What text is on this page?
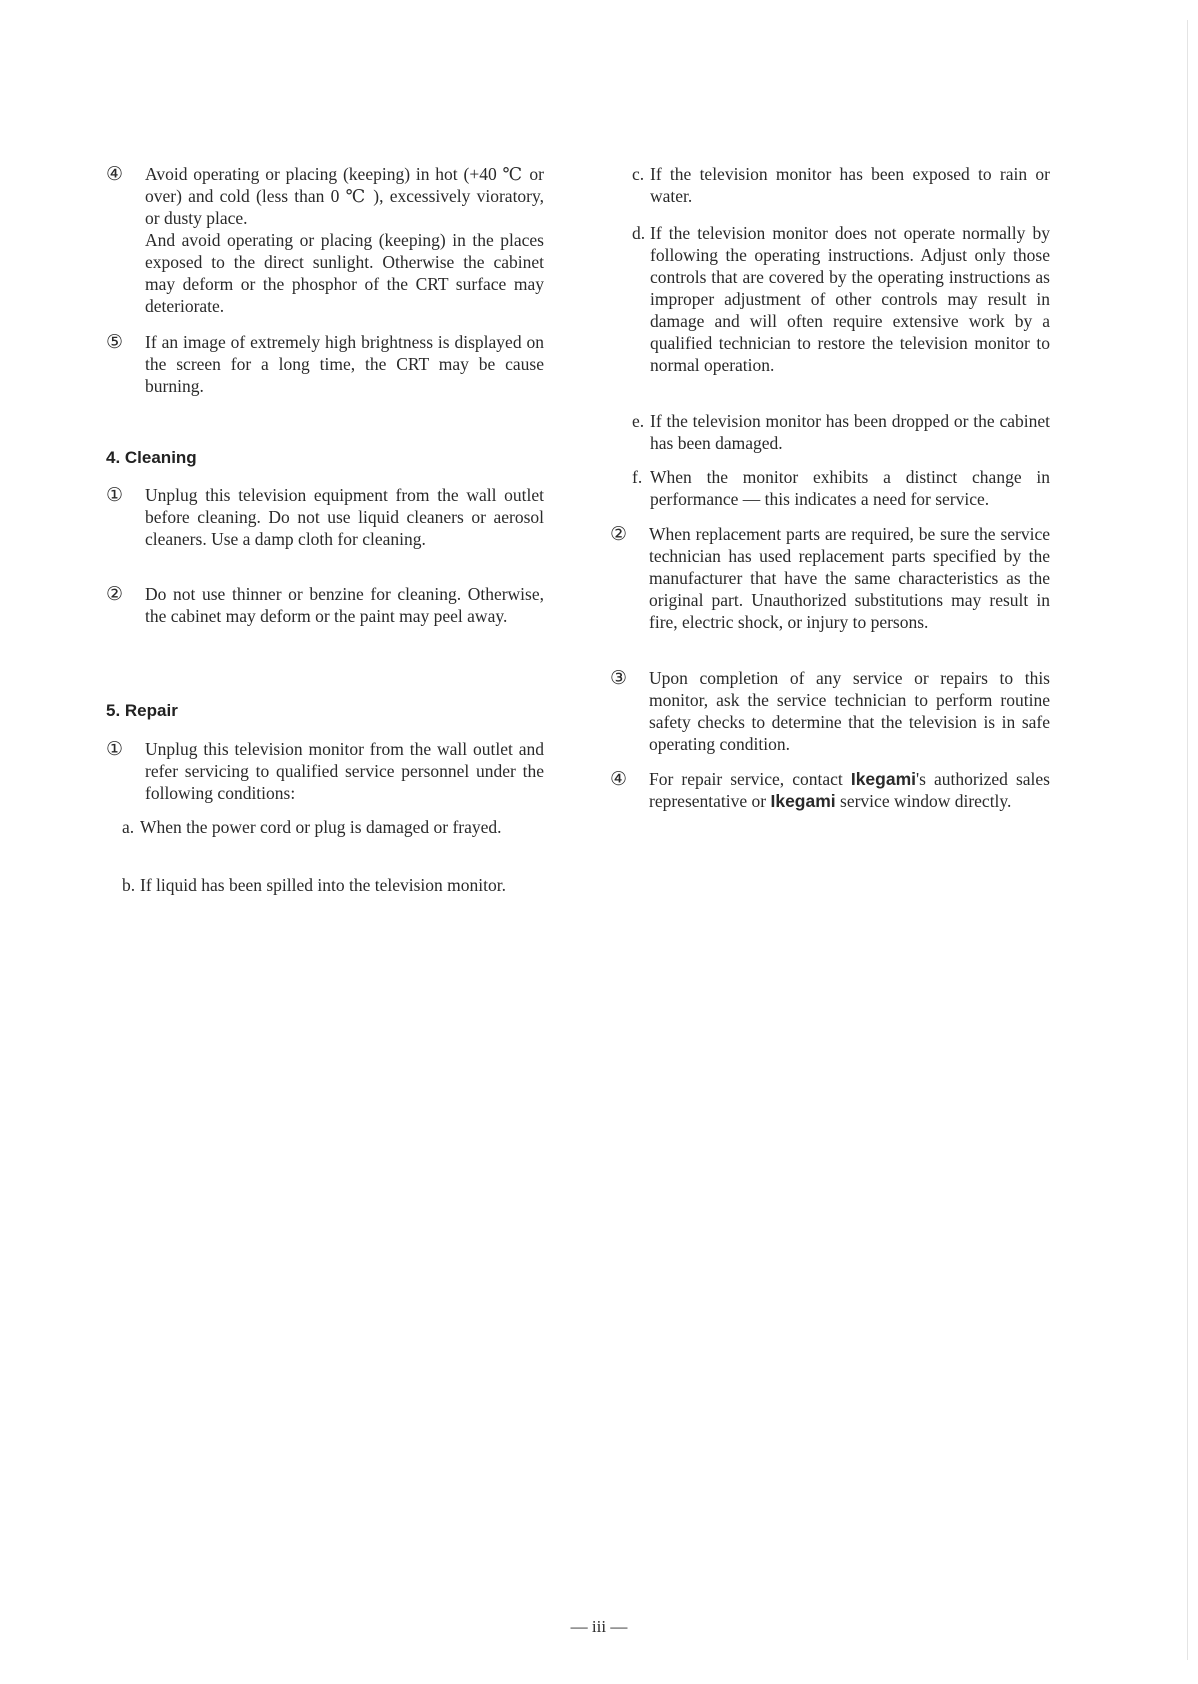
④	Avoid operating or placing (keeping) in hot (+40 ℃ or over) and cold (less than 0 ℃ ), excessively vioratory, or dusty place.

And avoid operating or placing (keeping) in the places exposed to the direct sunlight. Otherwise the cabinet may deform or the phosphor of the CRT surface may deteriorate.

⑤	If an image of extremely high brightness is displayed on the screen for a long time, the CRT may be cause burning.

4. Cleaning
①	Unplug this television equipment from the wall outlet before cleaning. Do not use liquid cleaners or aerosol cleaners. Use a damp cloth for cleaning.

②	Do not use thinner or benzine for cleaning. Otherwise, the cabinet may deform or the paint may peel away.

5. Repair
①	Unplug this television monitor from the wall outlet and refer servicing to qualified service personnel under the following conditions:

a. When the power cord or plug is damaged or frayed.

b. If liquid has been spilled into the television monitor.

c. If the television monitor has been exposed to rain or water.

d. If the television monitor does not operate normally by following the operating instructions. Adjust only those controls that are covered by the operating instructions as improper adjustment of other controls may result in damage and will often require extensive work by a qualified technician to restore the television monitor to normal operation.

e. If the television monitor has been dropped or the cabinet has been damaged.

f. When the monitor exhibits a distinct change in performance — this indicates a need for service.

②	When replacement parts are required, be sure the service technician has used replacement parts specified by the manufacturer that have the same characteristics as the original part. Unauthorized substitutions may result in fire, electric shock, or injury to persons.

③	Upon completion of any service or repairs to this monitor, ask the service technician to perform routine safety checks to determine that the television is in safe operating condition.

④	For repair service, contact Ikegami's authorized sales representative or Ikegami service window directly.

— iii —
